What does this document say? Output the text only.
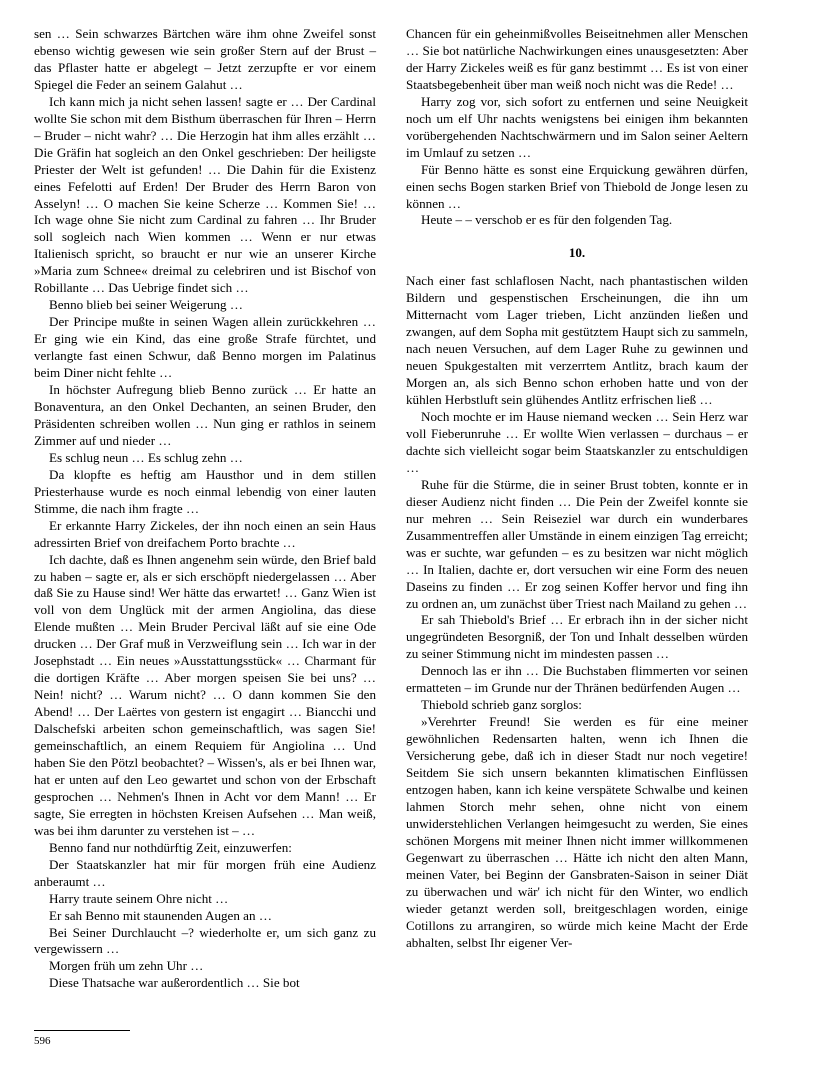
sen … Sein schwarzes Bärtchen wäre ihm ohne Zweifel sonst ebenso wichtig gewesen wie sein großer Stern auf der Brust – das Pflaster hatte er abgelegt – Jetzt zerzupfte er vor einem Spiegel die Feder an seinem Galahut …

Ich kann mich ja nicht sehen lassen! sagte er … Der Cardinal wollte Sie schon mit dem Bisthum überraschen für Ihren – Herrn – Bruder – nicht wahr? … Die Herzogin hat ihm alles erzählt … Die Gräfin hat sogleich an den Onkel geschrieben: Der heiligste Priester der Welt ist gefunden! … Die Dahin für die Existenz eines Fefelotti auf Erden! Der Bruder des Herrn Baron von Asselyn! … O machen Sie keine Scherze … Kommen Sie! … Ich wage ohne Sie nicht zum Cardinal zu fahren … Ihr Bruder soll sogleich nach Wien kommen … Wenn er nur etwas Italienisch spricht, so braucht er nur wie an unserer Kirche »Maria zum Schnee« dreimal zu celebriren und ist Bischof von Robillante … Das Uebrige findet sich …

Benno blieb bei seiner Weigerung …

Der Principe mußte in seinen Wagen allein zurückkehren … Er ging wie ein Kind, das eine große Strafe fürchtet, und verlangte fast einen Schwur, daß Benno morgen im Palatinus beim Diner nicht fehlte …

In höchster Aufregung blieb Benno zurück … Er hatte an Bonaventura, an den Onkel Dechanten, an seinen Bruder, den Präsidenten schreiben wollen … Nun ging er rathlos in seinem Zimmer auf und nieder …

Es schlug neun … Es schlug zehn …

Da klopfte es heftig am Hausthor und in dem stillen Priesterhause wurde es noch einmal lebendig von einer lauten Stimme, die nach ihm fragte …

Er erkannte Harry Zickeles, der ihn noch einen an sein Haus adressirten Brief von dreifachem Porto brachte …

Ich dachte, daß es Ihnen angenehm sein würde, den Brief bald zu haben – sagte er, als er sich erschöpft niedergelassen … Aber daß Sie zu Hause sind! Wer hätte das erwartet! … Ganz Wien ist voll von dem Unglück mit der armen Angiolina, das diese Elende mußten … Mein Bruder Percival läßt auf sie eine Ode drucken … Der Graf muß in Verzweiflung sein … Ich war in der Josephstadt … Ein neues »Ausstattungsstück« … Charmant für die dortigen Kräfte … Aber morgen speisen Sie bei uns? … Nein! nicht? … Warum nicht? … O dann kommen Sie den Abend! … Der Laërtes von gestern ist engagirt … Biancchi und Dalschefski arbeiten schon gemeinschaftlich, was sagen Sie! gemeinschaftlich, an einem Requiem für Angiolina … Und haben Sie den Pötzl beobachtet? – Wissen's, als er bei Ihnen war, hat er unten auf den Leo gewartet und schon von der Erbschaft gesprochen … Nehmen's Ihnen in Acht vor dem Mann! … Er sagte, Sie erregten in höchsten Kreisen Aufsehen … Man weiß, was bei ihm darunter zu verstehen ist – …

Benno fand nur nothdürftig Zeit, einzuwerfen:

Der Staatskanzler hat mir für morgen früh eine Audienz anberaumt …

Harry traute seinem Ohre nicht …

Er sah Benno mit staunenden Augen an …

Bei Seiner Durchlaucht –? wiederholte er, um sich ganz zu vergewissern …

Morgen früh um zehn Uhr …

Diese Thatsache war außerordentlich … Sie bot

Chancen für ein geheinmißvolles Beiseitnehmen aller Menschen … Sie bot natürliche Nachwirkungen eines unausgesetzten: Aber der Harry Zickeles weiß es für ganz bestimmt … Es ist von einer Staatsbegebenheit über man weiß noch nicht was die Rede! …

Harry zog vor, sich sofort zu entfernen und seine Neuigkeit noch um elf Uhr nachts wenigstens bei einigen ihm bekannten vorübergehenden Nachtschwärmern und im Salon seiner Aeltern im Umlauf zu setzen …

Für Benno hätte es sonst eine Erquickung gewähren dürfen, einen sechs Bogen starken Brief von Thiebold de Jonge lesen zu können …

Heute – – verschob er es für den folgenden Tag.

10.

Nach einer fast schlaflosen Nacht, nach phantastischen wilden Bildern und gespenstischen Erscheinungen, die ihn um Mitternacht vom Lager trieben, Licht anzünden ließen und zwangen, auf dem Sopha mit gestütztem Haupt sich zu sammeln, nach neuen Versuchen, auf dem Lager Ruhe zu gewinnen und neuen Spukgestalten mit verzerrtem Antlitz, brach kaum der Morgen an, als sich Benno schon erhoben hatte und von der kühlen Herbstluft sein glühendes Antlitz erfrischen ließ …

Noch mochte er im Hause niemand wecken … Sein Herz war voll Fieberunruhe … Er wollte Wien verlassen – durchaus – er dachte sich vielleicht sogar beim Staatskanzler zu entschuldigen …

Ruhe für die Stürme, die in seiner Brust tobten, konnte er in dieser Audienz nicht finden … Die Pein der Zweifel konnte sie nur mehren … Sein Reiseziel war durch ein wunderbares Zusammentreffen aller Umstände in einem einzigen Tag erreicht; was er suchte, war gefunden – es zu besitzen war nicht möglich … In Italien, dachte er, dort versuchen wir eine Form des neuen Daseins zu finden … Er zog seinen Koffer hervor und fing ihn zu ordnen an, um zunächst über Triest nach Mailand zu gehen …

Er sah Thiebold's Brief … Er erbrach ihn in der sicher nicht ungegründeten Besorgniß, der Ton und Inhalt desselben würden zu seiner Stimmung nicht im mindesten passen …

Dennoch las er ihn … Die Buchstaben flimmerten vor seinen ermatteten – im Grunde nur der Thränen bedürfenden Augen …

Thiebold schrieb ganz sorglos:

»Verehrter Freund! Sie werden es für eine meiner gewöhnlichen Redensarten halten, wenn ich Ihnen die Versicherung gebe, daß ich in dieser Stadt nur noch vegetire! Seitdem Sie sich unsern bekannten klimatischen Einflüssen entzogen haben, kann ich keine verspätete Schwalbe und keinen lahmen Storch mehr sehen, ohne nicht von einem unwiderstehlichen Verlangen heimgesucht zu werden, Sie eines schönen Morgens mit meiner Ihnen nicht immer willkommenen Gegenwart zu überraschen … Hätte ich nicht den alten Mann, meinen Vater, bei Beginn der Gansbraten-Saison in seiner Diät zu überwachen und wär' ich nicht für den Winter, wo endlich wieder getanzt werden soll, breitgeschlagen worden, einige Cotillons zu arrangiren, so würde mich keine Macht der Erde abhalten, selbst Ihr eigener Ver-

596
